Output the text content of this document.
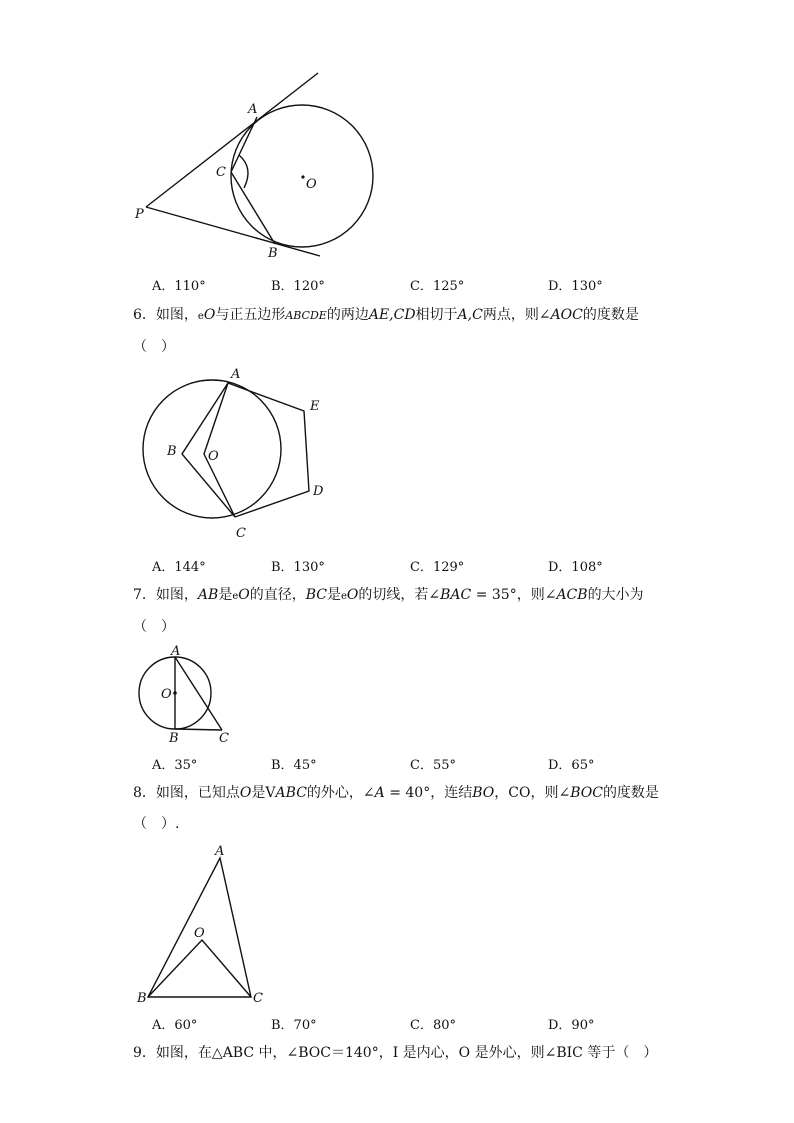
A
C
O
P
B
A．110°	B．120°	C．125°	D．130°

6．如图，eO与正五边形ABCDE的两边AE,CD相切于A,C两点，则∠AOC的度数是
（　）

A
E
B O
D
C
A．144°	B．130°	C．129°	D．108°

7．如图，AB是eO的直径，BC是eO的切线，若∠BAC = 35°，则∠ACB的大小为
（　）

A
O
B	C
A．35°	B．45°	C．55°	D．65°

8．如图，已知点O是VABC的外心，∠A = 40°，连结BO，CO，则∠BOC的度数是
（　）.

A
O
B	C
A．60°	B．70°	C．80°	D．90°

9．如图，在△ABC 中，∠BOC＝140°，I 是内心，O 是外心，则∠BIC 等于（　）
